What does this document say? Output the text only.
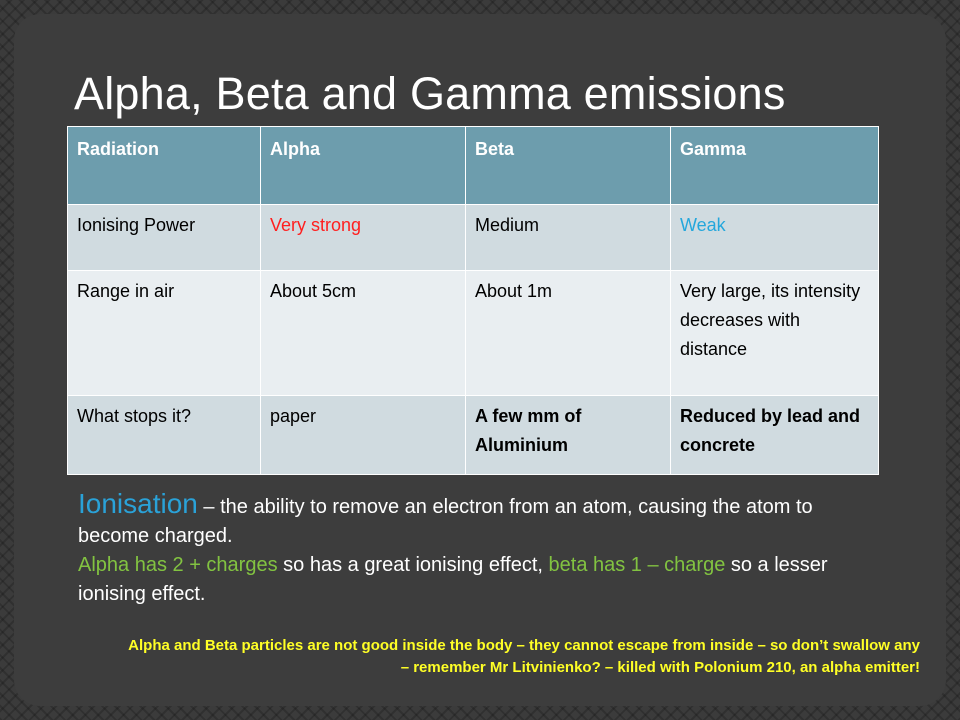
Alpha, Beta and Gamma emissions
Radiation	Alpha	Beta	Gamma
Ionising Power	Very strong	Medium	Weak
Range in air	About 5cm	About 1m	Very large, its intensity decreases with distance
What stops it?	paper	A few mm of Aluminium	Reduced by lead and concrete

Ionisation – the ability to remove an electron from an atom, causing the atom to become charged.
Alpha has 2 + charges so has a great ionising effect, beta has 1 – charge so a lesser ionising effect.

Alpha and Beta particles are not good inside the body – they cannot escape from inside – so don’t swallow any – remember Mr Litvinienko? – killed with Polonium 210, an alpha emitter!
